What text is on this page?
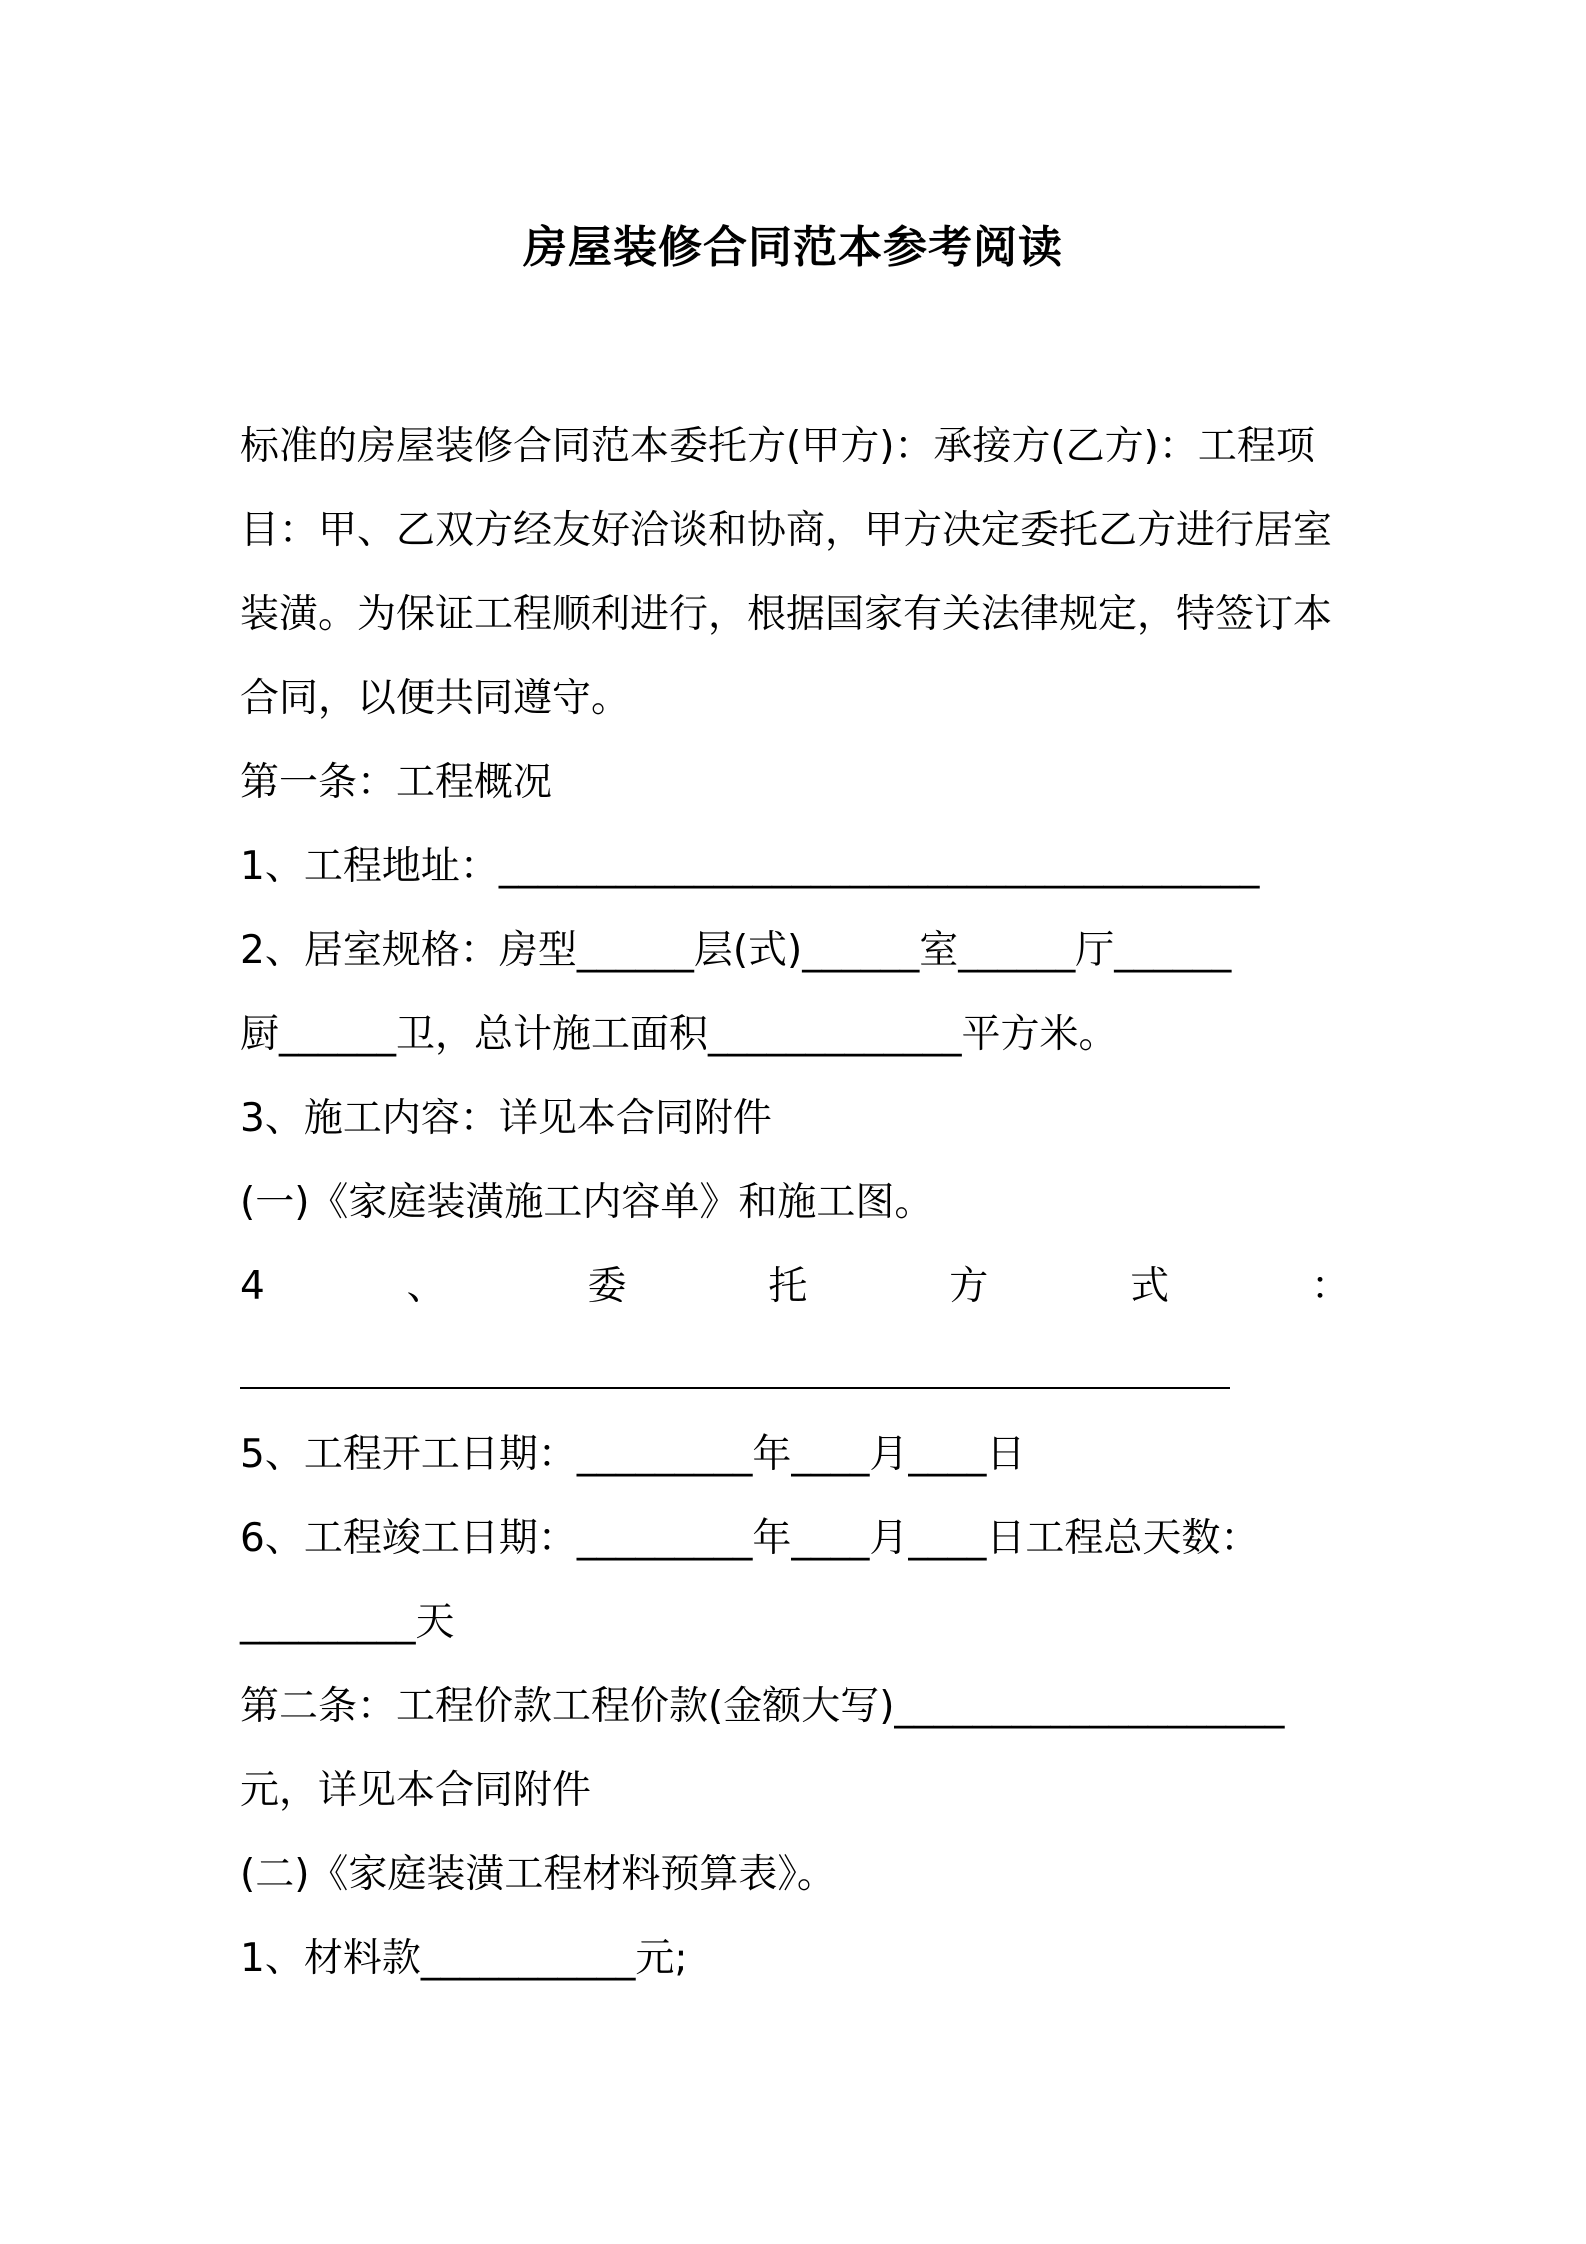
房屋装修合同范本参考阅读

标准的房屋装修合同范本委托方(甲方)：承接方(乙方)：工程项目：甲、乙双方经友好洽谈和协商，甲方决定委托乙方进行居室装潢。为保证工程顺利进行，根据国家有关法律规定，特签订本合同，以便共同遵守。

第一条：工程概况

1、工程地址：_______________________________________

2、居室规格：房型______层(式)______室______厅______

厨______卫，总计施工面积_____________平方米。

3、施工内容：详见本合同附件

(一)《家庭装潢施工内容单》和施工图。

4、委托方式：

5、工程开工日期：_________年____月____日

6、工程竣工日期：_________年____月____日工程总天数：

_________天

第二条：工程价款工程价款(金额大写)____________________

元，详见本合同附件

(二)《家庭装潢工程材料预算表》。

1、材料款___________元;
